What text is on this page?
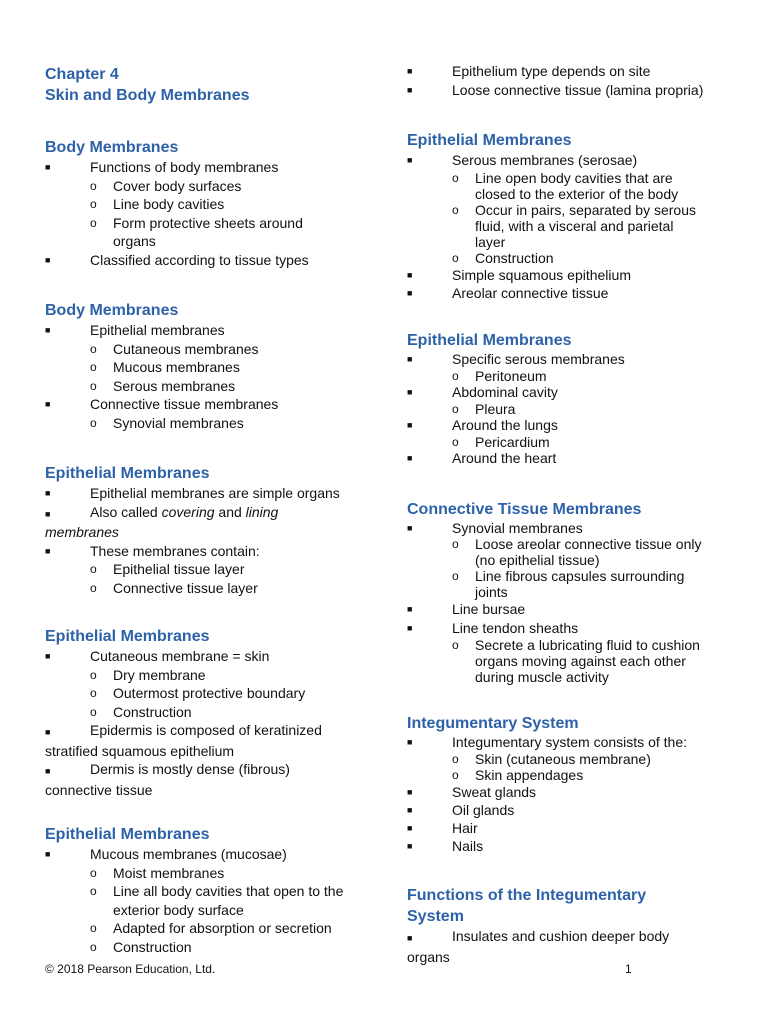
Chapter 4
Skin and Body Membranes
Body Membranes
■	Functions of body membranes
o	Cover body surfaces
o	Line body cavities
o	Form protective sheets around
organs
■	Classified according to tissue types
Body Membranes
■	Epithelial membranes
o	Cutaneous membranes
o	Mucous membranes
o	Serous membranes
■	Connective tissue membranes
o	Synovial membranes
Epithelial Membranes
■	Epithelial membranes are simple organs
■	Also called covering and lining
membranes
■	These membranes contain:
o	Epithelial tissue layer
o	Connective tissue layer
Epithelial Membranes
■	Cutaneous membrane = skin
o	Dry membrane
o	Outermost protective boundary
o	Construction
■	Epidermis is composed of keratinized
stratified squamous epithelium
■	Dermis is mostly dense (fibrous)
connective tissue
Epithelial Membranes
■	Mucous membranes (mucosae)
o	Moist membranes
o	Line all body cavities that open to the
exterior body surface
o	Adapted for absorption or secretion
o	Construction
■	Epithelium type depends on site
■	Loose connective tissue (lamina propria)
Epithelial Membranes
■	Serous membranes (serosae)
o	Line open body cavities that are
closed to the exterior of the body
o	Occur in pairs, separated by serous
fluid, with a visceral and parietal
layer
o	Construction
■	Simple squamous epithelium
■	Areolar connective tissue
Epithelial Membranes
■	Specific serous membranes
o	Peritoneum
■	Abdominal cavity
o	Pleura
■	Around the lungs
o	Pericardium
■	Around the heart
Connective Tissue Membranes
■	Synovial membranes
o	Loose areolar connective tissue only
(no epithelial tissue)
o	Line fibrous capsules surrounding
joints
■	Line bursae
■	Line tendon sheaths
o	Secrete a lubricating fluid to cushion
organs moving against each other
during muscle activity
Integumentary System
■	Integumentary system consists of the:
o	Skin (cutaneous membrane)
o	Skin appendages
■	Sweat glands
■	Oil glands
■	Hair
■	Nails
Functions of the Integumentary
System
■	Insulates and cushion deeper body
organs
© 2018 Pearson Education, Ltd.	1
